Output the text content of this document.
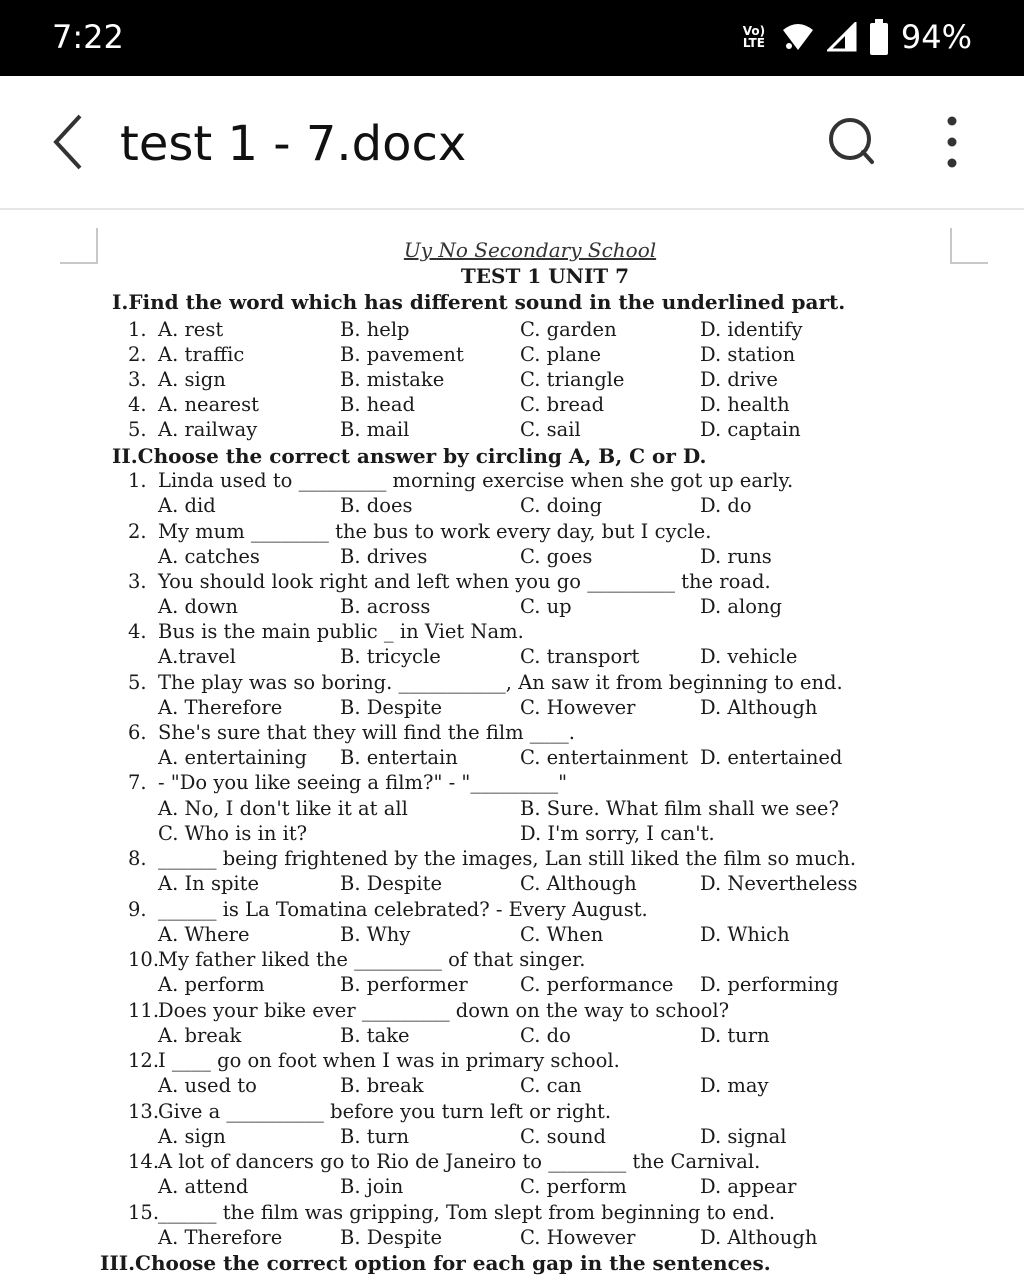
7:22	Vo) LTE	94%
test 1 - 7.docx
Uy No Secondary School
TEST 1 UNIT 7
I.Find the word which has different sound in the underlined part.
1. A. rest	B. help	C. garden	D. identify
2. A. traffic	B. pavement	C. plane	D. station
3. A. sign	B. mistake	C. triangle	D. drive
4. A. nearest	B. head	C. bread	D. health
5. A. railway	B. mail	C. sail	D. captain
II.Choose the correct answer by circling A, B, C or D.
1. Linda used to _________ morning exercise when she got up early.
A. did	B. does	C. doing	D. do
2. My mum ________ the bus to work every day, but I cycle.
A. catches	B. drives	C. goes	D. runs
3. You should look right and left when you go _________ the road.
A. down	B. across	C. up	D. along
4. Bus is the main public _ in Viet Nam.
A.travel	B. tricycle	C. transport	D. vehicle
5. The play was so boring. ___________, An saw it from beginning to end.
A. Therefore	B. Despite	C. However	D. Although
6. She's sure that they will find the film ____.
A. entertaining B. entertain	C. entertainment D. entertained
7. - "Do you like seeing a film?" - "_________"
A. No, I don't like it at all	B. Sure. What film shall we see?
C. Who is in it?	D. I'm sorry, I can't.
8. ______ being frightened by the images, Lan still liked the film so much.
A. In spite	B. Despite	C. Although	D. Nevertheless
9. ______ is La Tomatina celebrated? - Every August.
A. Where	B. Why	C. When	D. Which
10.
My father liked the _________ of that singer.
A. perform	B. performer	C. performance D. performing
11.
Does your bike ever _________ down on the way to school?
A. break	B. take	C. do	D. turn
12.
I ____ go on foot when I was in primary school.
A. used to	B. break	C. can	D. may
13.
Give a __________ before you turn left or right.
A. sign	B. turn	C. sound	D. signal
14.
A lot of dancers go to Rio de Janeiro to ________ the Carnival.
A. attend	B. join	C. perform	D. appear
15.
______ the film was gripping, Tom slept from beginning to end.
A. Therefore	B. Despite	C. However	D. Although
III.Choose the correct option for each gap in the sentences.
